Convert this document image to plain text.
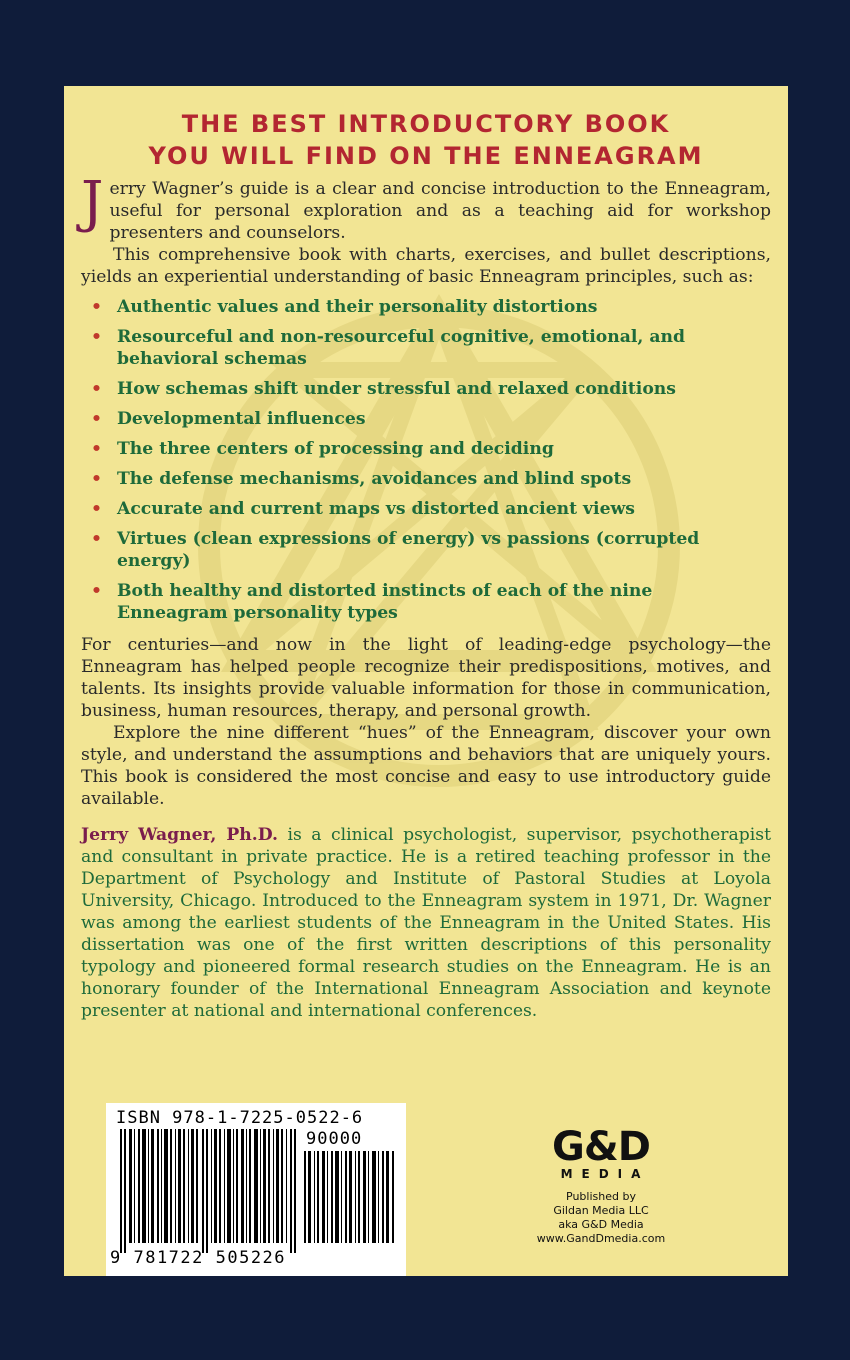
THE BEST INTRODUCTORY BOOK
YOU WILL FIND ON THE ENNEAGRAM

Jerry Wagner’s guide is a clear and concise introduction to the Enneagram, useful for personal exploration and as a teaching aid for workshop presenters and counselors.

This comprehensive book with charts, exercises, and bullet descriptions, yields an experiential understanding of basic Enneagram principles, such as:

• Authentic values and their personality distortions
• Resourceful and non-resourceful cognitive, emotional, and behavioral schemas
• How schemas shift under stressful and relaxed conditions
• Developmental influences
• The three centers of processing and deciding
• The defense mechanisms, avoidances and blind spots
• Accurate and current maps vs distorted ancient views
• Virtues (clean expressions of energy) vs passions (corrupted energy)
• Both healthy and distorted instincts of each of the nine Enneagram personality types

For centuries—and now in the light of leading-edge psychology—the Enneagram has helped people recognize their predispositions, motives, and talents. Its insights provide valuable information for those in communication, business, human resources, therapy, and personal growth.

Explore the nine different “hues” of the Enneagram, discover your own style, and understand the assumptions and behaviors that are uniquely yours. This book is considered the most concise and easy to use introductory guide available.

Jerry Wagner, Ph.D. is a clinical psychologist, supervisor, psychotherapist and consultant in private practice. He is a retired teaching professor in the Department of Psychology and Institute of Pastoral Studies at Loyola University, Chicago. Introduced to the Enneagram system in 1971, Dr. Wagner was among the earliest students of the Enneagram in the United States. His dissertation was one of the first written descriptions of this personality typology and pioneered formal research studies on the Enneagram. He is an honorary founder of the International Enneagram Association and keynote presenter at national and international conferences.

ISBN 978-1-7225-0522-6
90000
9 781722 505226
G&D
MEDIA
Published by
Gildan Media LLC
aka G&D Media
www.GandDmedia.com
